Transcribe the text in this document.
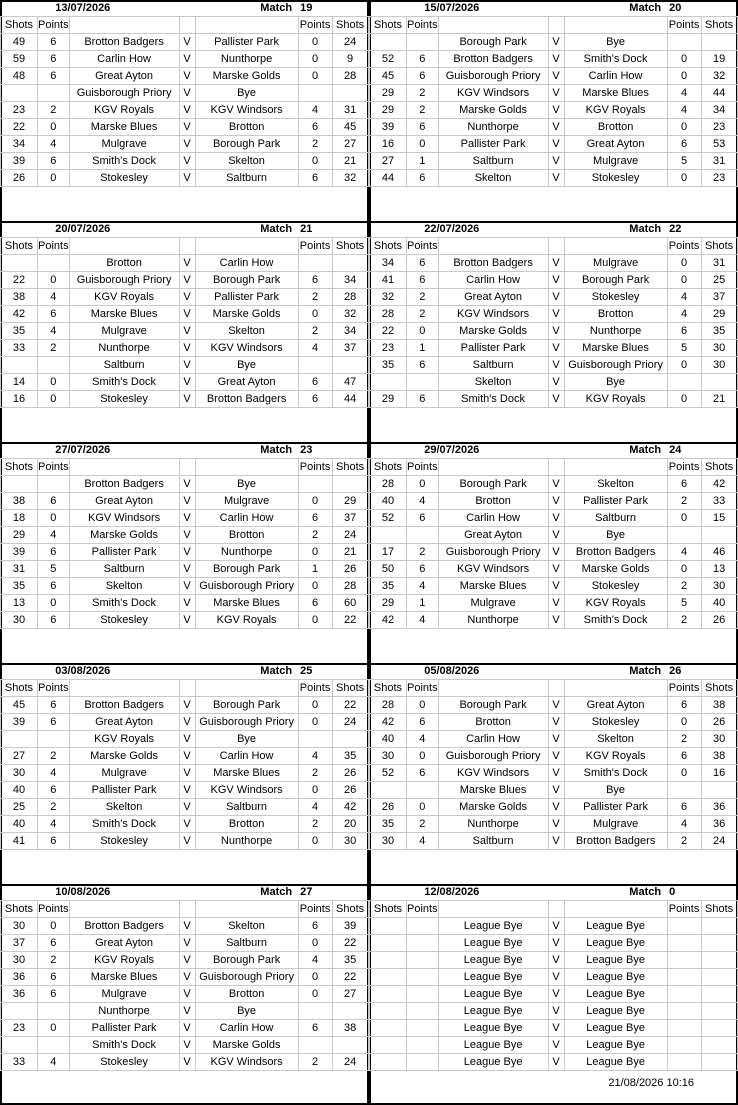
13/07/2026				Match	19	
Shots	Points				Points	Shots
49	6	Brotton Badgers	V	Pallister Park	0	24
59	6	Carlin How	V	Nunthorpe	0	9
48	6	Great Ayton	V	Marske Golds	0	28
		Guisborough Priory	V	Bye		
23	2	KGV Royals	V	KGV Windsors	4	31
22	0	Marske Blues	V	Brotton	6	45
34	4	Mulgrave	V	Borough Park	2	27
39	6	Smith's Dock	V	Skelton	0	21
26	0	Stokesley	V	Saltburn	6	32
15/07/2026				Match	20	
Shots	Points				Points	Shots
		Borough Park	V	Bye		
52	6	Brotton Badgers	V	Smith's Dock	0	19
45	6	Guisborough Priory	V	Carlin How	0	32
29	2	KGV Windsors	V	Marske Blues	4	44
29	2	Marske Golds	V	KGV Royals	4	34
39	6	Nunthorpe	V	Brotton	0	23
16	0	Pallister Park	V	Great Ayton	6	53
27	1	Saltburn	V	Mulgrave	5	31
44	6	Skelton	V	Stokesley	0	23
20/07/2026				Match	21	
Shots	Points				Points	Shots
		Brotton	V	Carlin How		
22	0	Guisborough Priory	V	Borough Park	6	34
38	4	KGV Royals	V	Pallister Park	2	28
42	6	Marske Blues	V	Marske Golds	0	32
35	4	Mulgrave	V	Skelton	2	34
33	2	Nunthorpe	V	KGV Windsors	4	37
		Saltburn	V	Bye		
14	0	Smith's Dock	V	Great Ayton	6	47
16	0	Stokesley	V	Brotton Badgers	6	44
22/07/2026				Match	22	
Shots	Points				Points	Shots
34	6	Brotton Badgers	V	Mulgrave	0	31
41	6	Carlin How	V	Borough Park	0	25
32	2	Great Ayton	V	Stokesley	4	37
28	2	KGV Windsors	V	Brotton	4	29
22	0	Marske Golds	V	Nunthorpe	6	35
23	1	Pallister Park	V	Marske Blues	5	30
35	6	Saltburn	V	Guisborough Priory	0	30
		Skelton	V	Bye		
29	6	Smith's Dock	V	KGV Royals	0	21
27/07/2026				Match	23	
Shots	Points				Points	Shots
		Brotton Badgers	V	Bye		
38	6	Great Ayton	V	Mulgrave	0	29
18	0	KGV Windsors	V	Carlin How	6	37
29	4	Marske Golds	V	Brotton	2	24
39	6	Pallister Park	V	Nunthorpe	0	21
31	5	Saltburn	V	Borough Park	1	26
35	6	Skelton	V	Guisborough Priory	0	28
13	0	Smith's Dock	V	Marske Blues	6	60
30	6	Stokesley	V	KGV Royals	0	22
29/07/2026				Match	24	
Shots	Points				Points	Shots
28	0	Borough Park	V	Skelton	6	42
40	4	Brotton	V	Pallister Park	2	33
52	6	Carlin How	V	Saltburn	0	15
		Great Ayton	V	Bye		
17	2	Guisborough Priory	V	Brotton Badgers	4	46
50	6	KGV Windsors	V	Marske Golds	0	13
35	4	Marske Blues	V	Stokesley	2	30
29	1	Mulgrave	V	KGV Royals	5	40
42	4	Nunthorpe	V	Smith's Dock	2	26
03/08/2026				Match	25	
Shots	Points				Points	Shots
45	6	Brotton Badgers	V	Borough Park	0	22
39	6	Great Ayton	V	Guisborough Priory	0	24
		KGV Royals	V	Bye		
27	2	Marske Golds	V	Carlin How	4	35
30	4	Mulgrave	V	Marske Blues	2	26
40	6	Pallister Park	V	KGV Windsors	0	26
25	2	Skelton	V	Saltburn	4	42
40	4	Smith's Dock	V	Brotton	2	20
41	6	Stokesley	V	Nunthorpe	0	30
05/08/2026				Match	26	
Shots	Points				Points	Shots
28	0	Borough Park	V	Great Ayton	6	38
42	6	Brotton	V	Stokesley	0	26
40	4	Carlin How	V	Skelton	2	30
30	0	Guisborough Priory	V	KGV Royals	6	38
52	6	KGV Windsors	V	Smith's Dock	0	16
		Marske Blues	V	Bye		
26	0	Marske Golds	V	Pallister Park	6	36
35	2	Nunthorpe	V	Mulgrave	4	36
30	4	Saltburn	V	Brotton Badgers	2	24
10/08/2026				Match	27	
Shots	Points				Points	Shots
30	0	Brotton Badgers	V	Skelton	6	39
37	6	Great Ayton	V	Saltburn	0	22
30	2	KGV Royals	V	Borough Park	4	35
36	6	Marske Blues	V	Guisborough Priory	0	22
36	6	Mulgrave	V	Brotton	0	27
		Nunthorpe	V	Bye		
23	0	Pallister Park	V	Carlin How	6	38
		Smith's Dock	V	Marske Golds		
33	4	Stokesley	V	KGV Windsors	2	24
12/08/2026				Match	0	
Shots	Points				Points	Shots
		League Bye	V	League Bye		
		League Bye	V	League Bye		
		League Bye	V	League Bye		
		League Bye	V	League Bye		
		League Bye	V	League Bye		
		League Bye	V	League Bye		
		League Bye	V	League Bye		
		League Bye	V	League Bye		
		League Bye	V	League Bye		
21/08/2026 10:16
